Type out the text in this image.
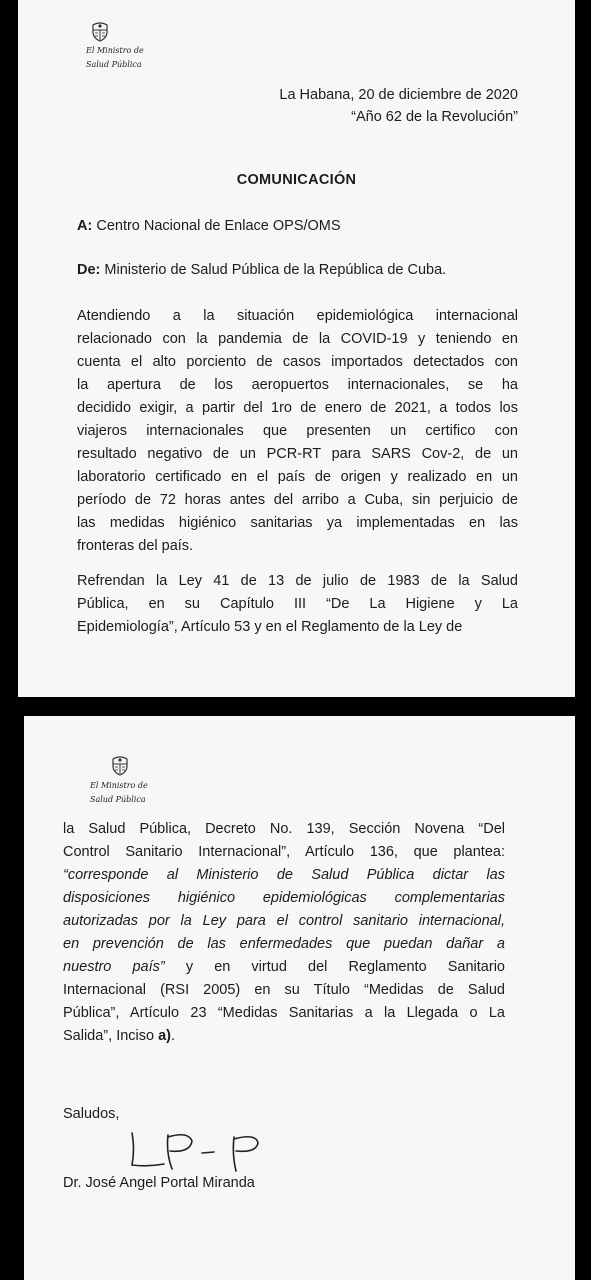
El Ministro de
Salud Pública
La Habana, 20 de diciembre de 2020
“Año 62 de la Revolución”
COMUNICACIÓN
A: Centro Nacional de Enlace OPS/OMS
De: Ministerio de Salud Pública de la República de Cuba.
Atendiendo a la situación epidemiológica internacional
relacionado con la pandemia de la COVID-19 y teniendo en
cuenta el alto porciento de casos importados detectados con
la apertura de los aeropuertos internacionales, se ha
decidido exigir, a partir del 1ro de enero de 2021, a todos los
viajeros internacionales que presenten un certifico con
resultado negativo de un PCR-RT para SARS Cov-2, de un
laboratorio certificado en el país de origen y realizado en un
período de 72 horas antes del arribo a Cuba, sin perjuicio de
las medidas higiénico sanitarias ya implementadas en las
fronteras del país.
Refrendan la Ley 41 de 13 de julio de 1983 de la Salud
Pública, en su Capítulo III “De La Higiene y La
Epidemiología”, Artículo 53 y en el Reglamento de la Ley de
El Ministro de
Salud Pública
la Salud Pública, Decreto No. 139, Sección Novena “Del
Control Sanitario Internacional”, Artículo 136, que plantea:
“corresponde al Ministerio de Salud Pública dictar las
disposiciones higiénico epidemiológicas complementarias
autorizadas por la Ley para el control sanitario internacional,
en prevención de las enfermedades que puedan dañar a
nuestro país” y en virtud del Reglamento Sanitario
Internacional (RSI 2005) en su Título “Medidas de Salud
Pública”, Artículo 23 “Medidas Sanitarias a la Llegada o La
Salida”, Inciso a).
Saludos,
Dr. José Angel Portal Miranda
